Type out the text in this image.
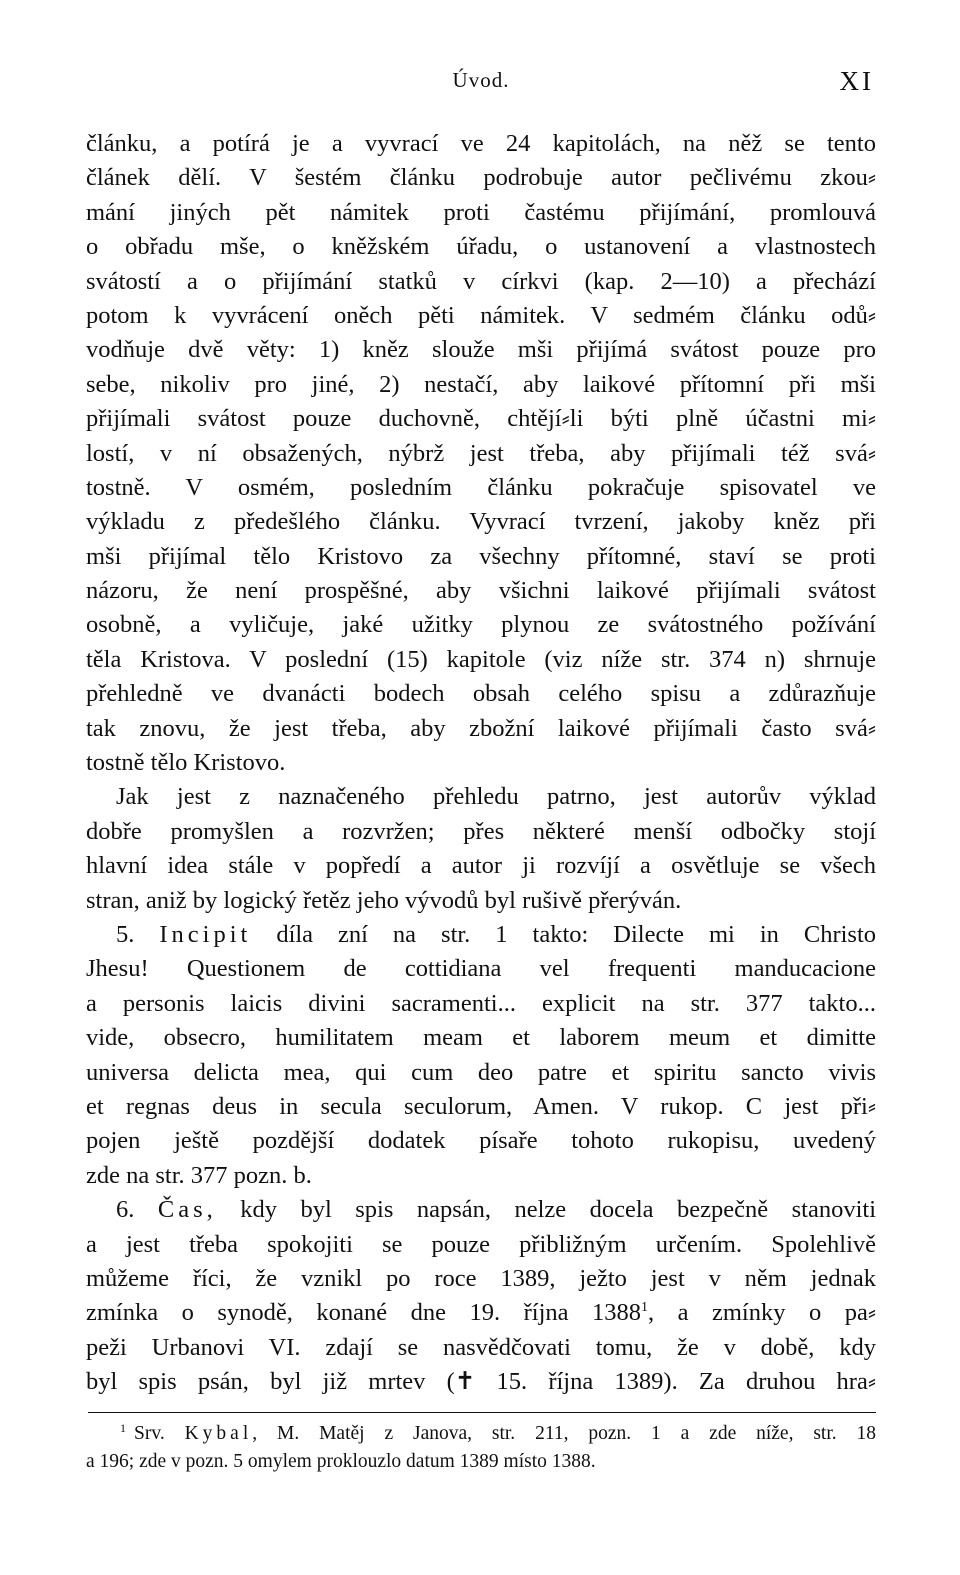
Úvod.	XI
článku, a potírá je a vyvrací ve 24 kapitolách, na něž se tento
článek dělí. V šestém článku podrobuje autor pečlivému zkou⸗
mání jiných pět námitek proti častému přijímání, promlouvá
o obřadu mše, o kněžském úřadu, o ustanovení a vlastnostech
svátostí a o přijímání statků v církvi (kap. 2—10) a přechází
potom k vyvrácení oněch pěti námitek. V sedmém článku odů⸗
vodňuje dvě věty: 1) kněz slouže mši přijímá svátost pouze pro
sebe, nikoliv pro jiné, 2) nestačí, aby laikové přítomní při mši
přijímali svátost pouze duchovně, chtějí⸗li býti plně účastni mi⸗
lostí, v ní obsažených, nýbrž jest třeba, aby přijímali též svá⸗
tostně. V osmém, posledním článku pokračuje spisovatel ve
výkladu z předešlého článku. Vyvrací tvrzení, jakoby kněz při
mši přijímal tělo Kristovo za všechny přítomné, staví se proti
názoru, že není prospěšné, aby všichni laikové přijímali svátost
osobně, a vyličuje, jaké užitky plynou ze svátostného požívání
těla Kristova. V poslední (15) kapitole (viz níže str. 374 n) shrnuje
přehledně ve dvanácti bodech obsah celého spisu a zdůrazňuje
tak znovu, že jest třeba, aby zbožní laikové přijímali často svá⸗
tostně tělo Kristovo.
Jak jest z naznačeného přehledu patrno, jest autorův výklad
dobře promyšlen a rozvržen; přes některé menší odbočky stojí
hlavní idea stále v popředí a autor ji rozvíjí a osvětluje se všech
stran, aniž by logický řetěz jeho vývodů byl rušivě přerýván.
5. Incipit díla zní na str. 1 takto: Dilecte mi in Christo
Jhesu! Questionem de cottidiana vel frequenti manducacione
a personis laicis divini sacramenti... explicit na str. 377 takto...
vide, obsecro, humilitatem meam et laborem meum et dimitte
universa delicta mea, qui cum deo patre et spiritu sancto vivis
et regnas deus in secula seculorum, Amen. V rukop. C jest při⸗
pojen ještě pozdější dodatek písaře tohoto rukopisu, uvedený
zde na str. 377 pozn. b.
6. Čas, kdy byl spis napsán, nelze docela bezpečně stanoviti
a jest třeba spokojiti se pouze přibližným určením. Spolehlivě
můžeme říci, že vznikl po roce 1389, ježto jest v něm jednak
zmínka o synodě, konané dne 19. října 1388$^1$, a zmínky o pa⸗
peži Urbanovi VI. zdají se nasvědčovati tomu, že v době, kdy
byl spis psán, byl již mrtev (✝ 15. října 1389). Za druhou hra⸗
$^1$ Srv. Kybal, M. Matěj z Janova, str. 211, pozn. 1 a zde níže, str. 18
a 196; zde v pozn. 5 omylem proklouzlo datum 1389 místo 1388.
